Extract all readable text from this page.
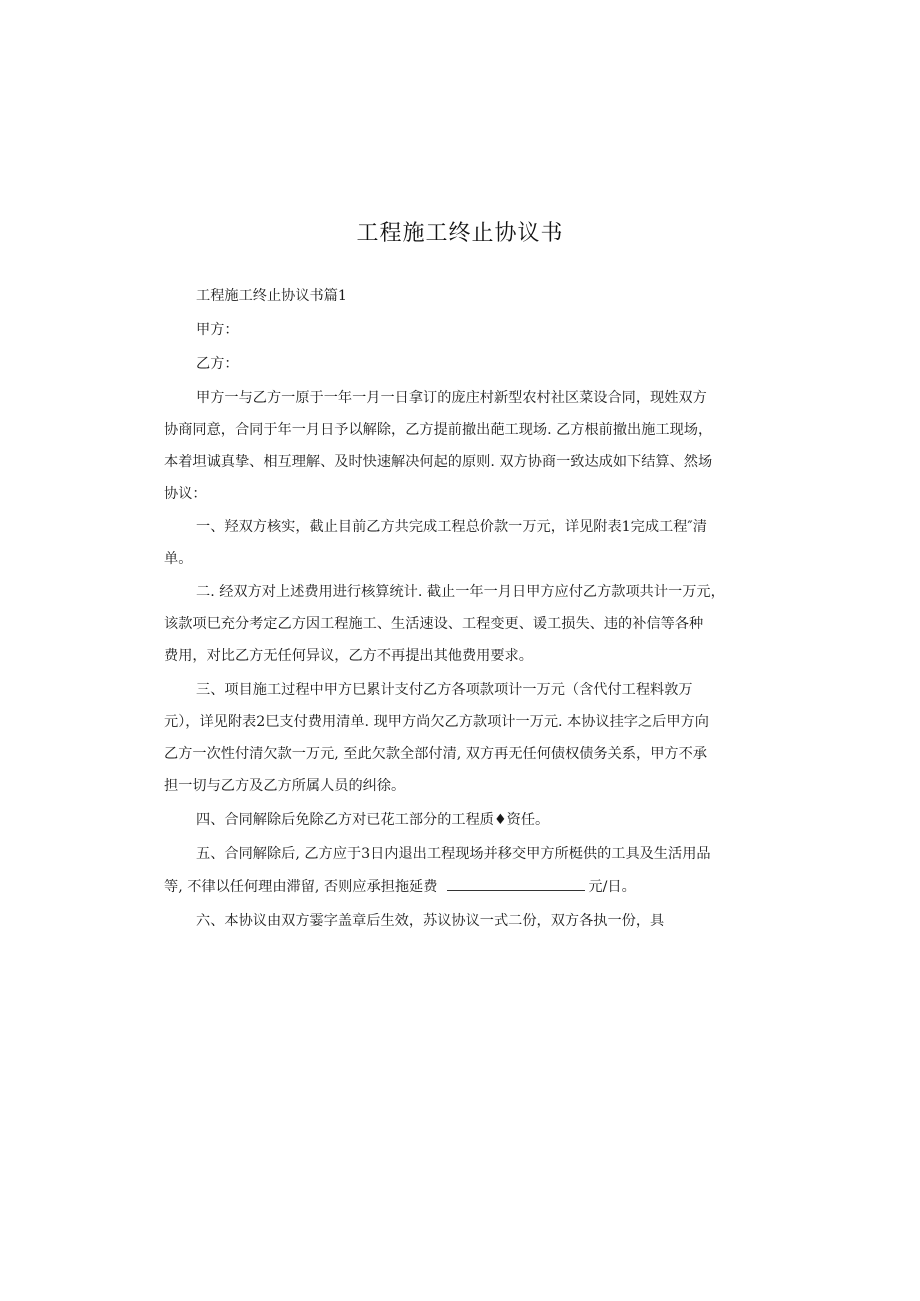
工程施工终止协议书

工程施工终止协议书篇1

甲方：

乙方：

甲方一与乙方一原于一年一月一日拿订的庞庄村新型农村社区菜设合同，现姓双方

协商同意，合同于年一月日予以解除，乙方提前撤出葩工现场. 乙方根前撤出施工现场，

本着坦诚真挚、相互理解、及时快速解决何起的原则. 双方协商一致达成如下结算、然场

协议：

一、羟双方核实，截止目前乙方共完成工程总价款一万元，详见附表1完成工程″清

单。

二. 经双方对上述费用进行核算统计. 截止一年一月日甲方应付乙方款项共计一万元，

该款项巳充分考定乙方因工程施工、生活速设、工程变更、谖工损失、违的补信等各种

费用，对比乙方无任何异议，乙方不再提出其他费用要求。

三、项目施工过程中甲方巳累计支付乙方各项款项计一万元（含代付工程料敦万

元），详见附表2巳支付费用清单. 现甲方尚欠乙方款项计一万元. 本协议挂字之后甲方向

乙方一次性付清欠款一万元, 至此欠款全部付清, 双方再无任何债权债务关系，甲方不承

担一切与乙方及乙方所属人员的纠徐。

四、合同解除后免除乙方对已花工部分的工程质♦资任。

五、合同解除后, 乙方应于3日内退出工程现场并移交甲方所梃供的工具及生活用品

等, 不律以任何理由滞留, 否则应承担拖延费	元/日。

六、本协议由双方霎字盖章后生效，苏议协议一式二份，双方各执一份，具
